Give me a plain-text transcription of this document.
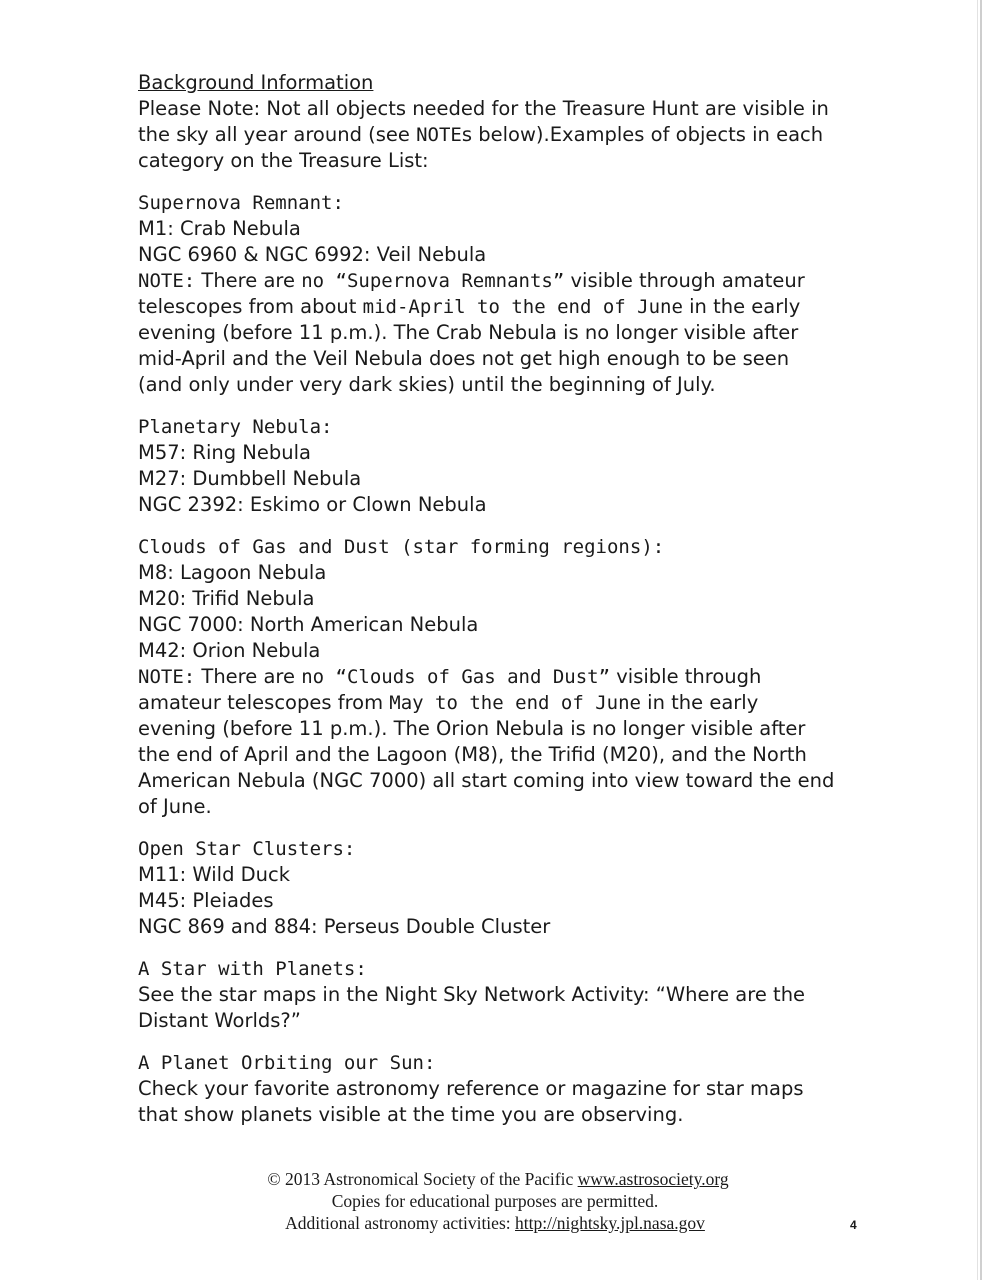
Background Information

Please Note: Not all objects needed for the Treasure Hunt are visible in the sky all year around (see NOTEs below).Examples of objects in each category on the Treasure List:

Supernova Remnant:
M1: Crab Nebula
NGC 6960 & NGC 6992: Veil Nebula

NOTE: There are no “Supernova Remnants” visible through amateur telescopes from about mid-April to the end of June in the early evening (before 11 p.m.). The Crab Nebula is no longer visible after mid-April and the Veil Nebula does not get high enough to be seen (and only under very dark skies) until the beginning of July.

Planetary Nebula:
M57: Ring Nebula
M27: Dumbbell Nebula
NGC 2392: Eskimo or Clown Nebula
Clouds of Gas and Dust (star forming regions):
M8: Lagoon Nebula
M20: Trifid Nebula
NGC 7000: North American Nebula
M42: Orion Nebula

NOTE: There are no “Clouds of Gas and Dust” visible through amateur telescopes from May to the end of June in the early evening (before 11 p.m.). The Orion Nebula is no longer visible after the end of April and the Lagoon (M8), the Trifid (M20), and the North American Nebula (NGC 7000) all start coming into view toward the end of June.

Open Star Clusters:
M11: Wild Duck
M45: Pleiades
NGC 869 and 884: Perseus Double Cluster
A Star with Planets:

See the star maps in the Night Sky Network Activity: “Where are the Distant Worlds?”

A Planet Orbiting our Sun:

Check your favorite astronomy reference or magazine for star maps that show planets visible at the time you are observing.

© 2013 Astronomical Society of the Pacific www.astrosociety.org
Copies for educational purposes are permitted.
Additional astronomy activities: http://nightsky.jpl.nasa.gov	4
